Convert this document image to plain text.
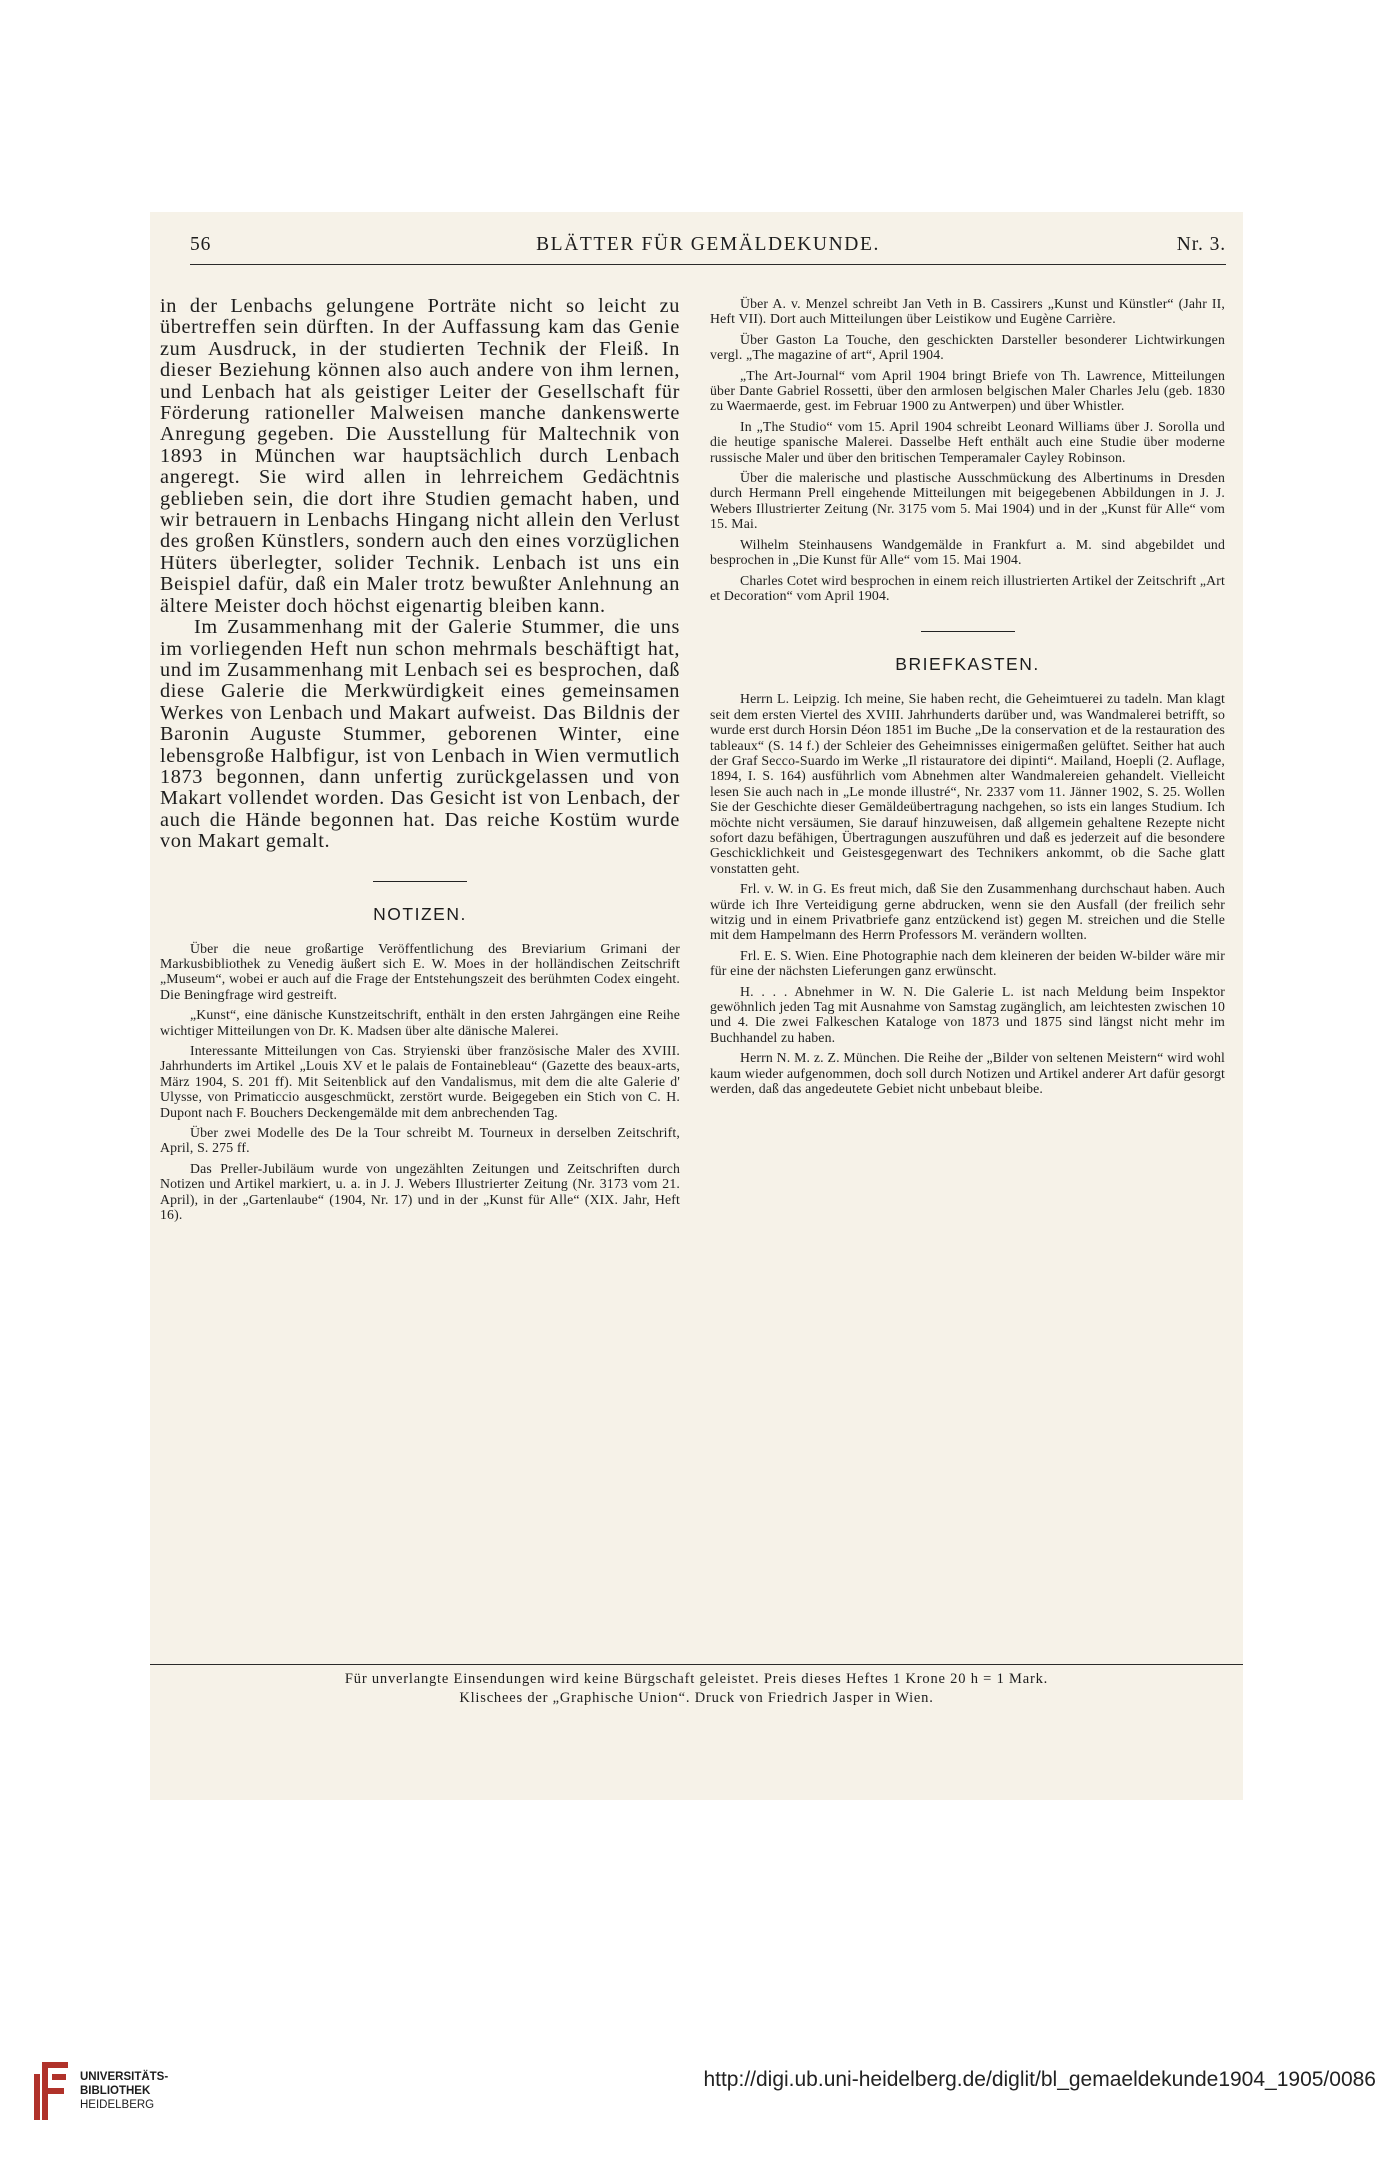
56	BLÄTTER FÜR GEMÄLDEKUNDE.	Nr. 3.

in der Lenbachs gelungene Porträte nicht so leicht zu übertreffen sein dürften. In der Auffassung kam das Genie zum Ausdruck, in der studierten Technik der Fleiß. In dieser Beziehung können also auch andere von ihm lernen, und Lenbach hat als geistiger Leiter der Gesellschaft für Förderung rationeller Malweisen manche dankenswerte Anregung gegeben. Die Ausstellung für Maltechnik von 1893 in München war hauptsächlich durch Lenbach angeregt. Sie wird allen in lehrreichem Gedächtnis geblieben sein, die dort ihre Studien gemacht haben, und wir betrauern in Lenbachs Hingang nicht allein den Verlust des großen Künstlers, sondern auch den eines vorzüglichen Hüters überlegter, solider Technik. Lenbach ist uns ein Beispiel dafür, daß ein Maler trotz bewußter Anlehnung an ältere Meister doch höchst eigenartig bleiben kann.

Im Zusammenhang mit der Galerie Stummer, die uns im vorliegenden Heft nun schon mehrmals beschäftigt hat, und im Zusammenhang mit Lenbach sei es besprochen, daß diese Galerie die Merkwürdigkeit eines gemeinsamen Werkes von Lenbach und Makart aufweist. Das Bildnis der Baronin Auguste Stummer, geborenen Winter, eine lebensgroße Halbfigur, ist von Lenbach in Wien vermutlich 1873 begonnen, dann unfertig zurückgelassen und von Makart vollendet worden. Das Gesicht ist von Lenbach, der auch die Hände begonnen hat. Das reiche Kostüm wurde von Makart gemalt.

NOTIZEN.

Über die neue großartige Veröffentlichung des Breviarium Grimani der Markusbibliothek zu Venedig äußert sich E. W. Moes in der holländischen Zeitschrift „Museum“, wobei er auch auf die Frage der Entstehungszeit des berühmten Codex eingeht. Die Beningfrage wird gestreift.

„Kunst“, eine dänische Kunstzeitschrift, enthält in den ersten Jahrgängen eine Reihe wichtiger Mitteilungen von Dr. K. Madsen über alte dänische Malerei.

Interessante Mitteilungen von Cas. Stryienski über französische Maler des XVIII. Jahrhunderts im Artikel „Louis XV et le palais de Fontainebleau“ (Gazette des beaux-arts, März 1904, S. 201 ff). Mit Seitenblick auf den Vandalismus, mit dem die alte Galerie d' Ulysse, von Primaticcio ausgeschmückt, zerstört wurde. Beigegeben ein Stich von C. H. Dupont nach F. Bouchers Deckengemälde mit dem anbrechenden Tag.

Über zwei Modelle des De la Tour schreibt M. Tourneux in derselben Zeitschrift, April, S. 275 ff.

Das Preller-Jubiläum wurde von ungezählten Zeitungen und Zeitschriften durch Notizen und Artikel markiert, u. a. in J. J. Webers Illustrierter Zeitung (Nr. 3173 vom 21. April), in der „Gartenlaube“ (1904, Nr. 17) und in der „Kunst für Alle“ (XIX. Jahr, Heft 16).

Über A. v. Menzel schreibt Jan Veth in B. Cassirers „Kunst und Künstler“ (Jahr II, Heft VII). Dort auch Mitteilungen über Leistikow und Eugène Carrière.

Über Gaston La Touche, den geschickten Darsteller besonderer Lichtwirkungen vergl. „The magazine of art“, April 1904.

„The Art-Journal“ vom April 1904 bringt Briefe von Th. Lawrence, Mitteilungen über Dante Gabriel Rossetti, über den armlosen belgischen Maler Charles Jelu (geb. 1830 zu Waermaerde, gest. im Februar 1900 zu Antwerpen) und über Whistler.

In „The Studio“ vom 15. April 1904 schreibt Leonard Williams über J. Sorolla und die heutige spanische Malerei. Dasselbe Heft enthält auch eine Studie über moderne russische Maler und über den britischen Temperamaler Cayley Robinson.

Über die malerische und plastische Ausschmückung des Albertinums in Dresden durch Hermann Prell eingehende Mitteilungen mit beigegebenen Abbildungen in J. J. Webers Illustrierter Zeitung (Nr. 3175 vom 5. Mai 1904) und in der „Kunst für Alle“ vom 15. Mai.

Wilhelm Steinhausens Wandgemälde in Frankfurt a. M. sind abgebildet und besprochen in „Die Kunst für Alle“ vom 15. Mai 1904.

Charles Cotet wird besprochen in einem reich illustrierten Artikel der Zeitschrift „Art et Decoration“ vom April 1904.

BRIEFKASTEN.

Herrn L. Leipzig. Ich meine, Sie haben recht, die Geheimtuerei zu tadeln. Man klagt seit dem ersten Viertel des XVIII. Jahrhunderts darüber und, was Wandmalerei betrifft, so wurde erst durch Horsin Déon 1851 im Buche „De la conservation et de la restauration des tableaux“ (S. 14 f.) der Schleier des Geheimnisses einigermaßen gelüftet. Seither hat auch der Graf Secco-Suardo im Werke „Il ristauratore dei dipinti“. Mailand, Hoepli (2. Auflage, 1894, I. S. 164) ausführlich vom Abnehmen alter Wandmalereien gehandelt. Vielleicht lesen Sie auch nach in „Le monde illustré“, Nr. 2337 vom 11. Jänner 1902, S. 25. Wollen Sie der Geschichte dieser Gemäldeübertragung nachgehen, so ists ein langes Studium. Ich möchte nicht versäumen, Sie darauf hinzuweisen, daß allgemein gehaltene Rezepte nicht sofort dazu befähigen, Übertragungen auszuführen und daß es jederzeit auf die besondere Geschicklichkeit und Geistesgegenwart des Technikers ankommt, ob die Sache glatt vonstatten geht.

Frl. v. W. in G. Es freut mich, daß Sie den Zusammenhang durchschaut haben. Auch würde ich Ihre Verteidigung gerne abdrucken, wenn sie den Ausfall (der freilich sehr witzig und in einem Privatbriefe ganz entzückend ist) gegen M. streichen und die Stelle mit dem Hampelmann des Herrn Professors M. verändern wollten.

Frl. E. S. Wien. Eine Photographie nach dem kleineren der beiden W-bilder wäre mir für eine der nächsten Lieferungen ganz erwünscht.

H. . . . Abnehmer in W. N. Die Galerie L. ist nach Meldung beim Inspektor gewöhnlich jeden Tag mit Ausnahme von Samstag zugänglich, am leichtesten zwischen 10 und 4. Die zwei Falkeschen Kataloge von 1873 und 1875 sind längst nicht mehr im Buchhandel zu haben.

Herrn N. M. z. Z. München. Die Reihe der „Bilder von seltenen Meistern“ wird wohl kaum wieder aufgenommen, doch soll durch Notizen und Artikel anderer Art dafür gesorgt werden, daß das angedeutete Gebiet nicht unbebaut bleibe.

Für unverlangte Einsendungen wird keine Bürgschaft geleistet. Preis dieses Heftes 1 Krone 20 h = 1 Mark.
Klischees der „Graphische Union“. Druck von Friedrich Jasper in Wien.
UNIVERSITÄTS-
BIBLIOTHEK
HEIDELBERG
http://digi.ub.uni-heidelberg.de/diglit/bl_gemaeldekunde1904_1905/0086
